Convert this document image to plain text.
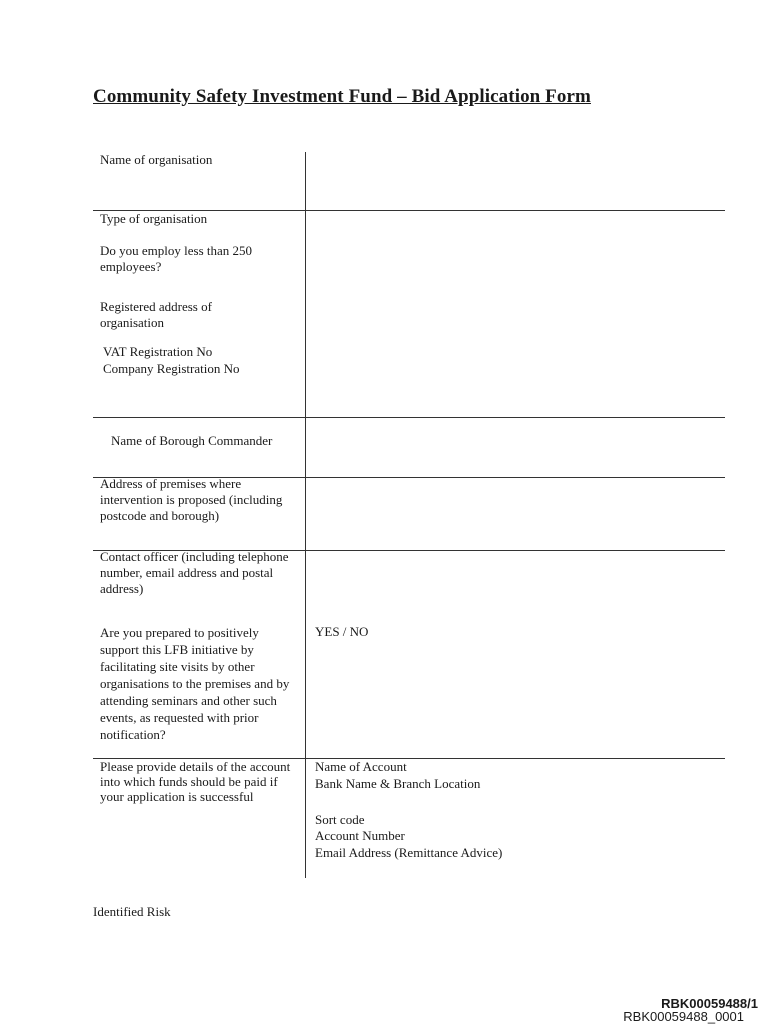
Community Safety Investment Fund – Bid Application Form
Name of organisation
Type of organisation
Do you employ less than 250 employees?
Registered address of organisation
VAT Registration No
Company Registration No
Name of Borough Commander
Address of premises where intervention is proposed (including postcode and borough)
Contact officer (including telephone number, email address and postal address)
Are you prepared to positively support this LFB initiative by facilitating site visits by other organisations to the premises and by attending seminars and other such events, as requested with prior notification?
Please provide details of the account into which funds should be paid if your application is successful
YES / NO
Name of Account
Bank Name & Branch Location
Sort code
Account Number
Email Address (Remittance Advice)
Identified Risk
RBK00059488/1
RBK00059488_0001
